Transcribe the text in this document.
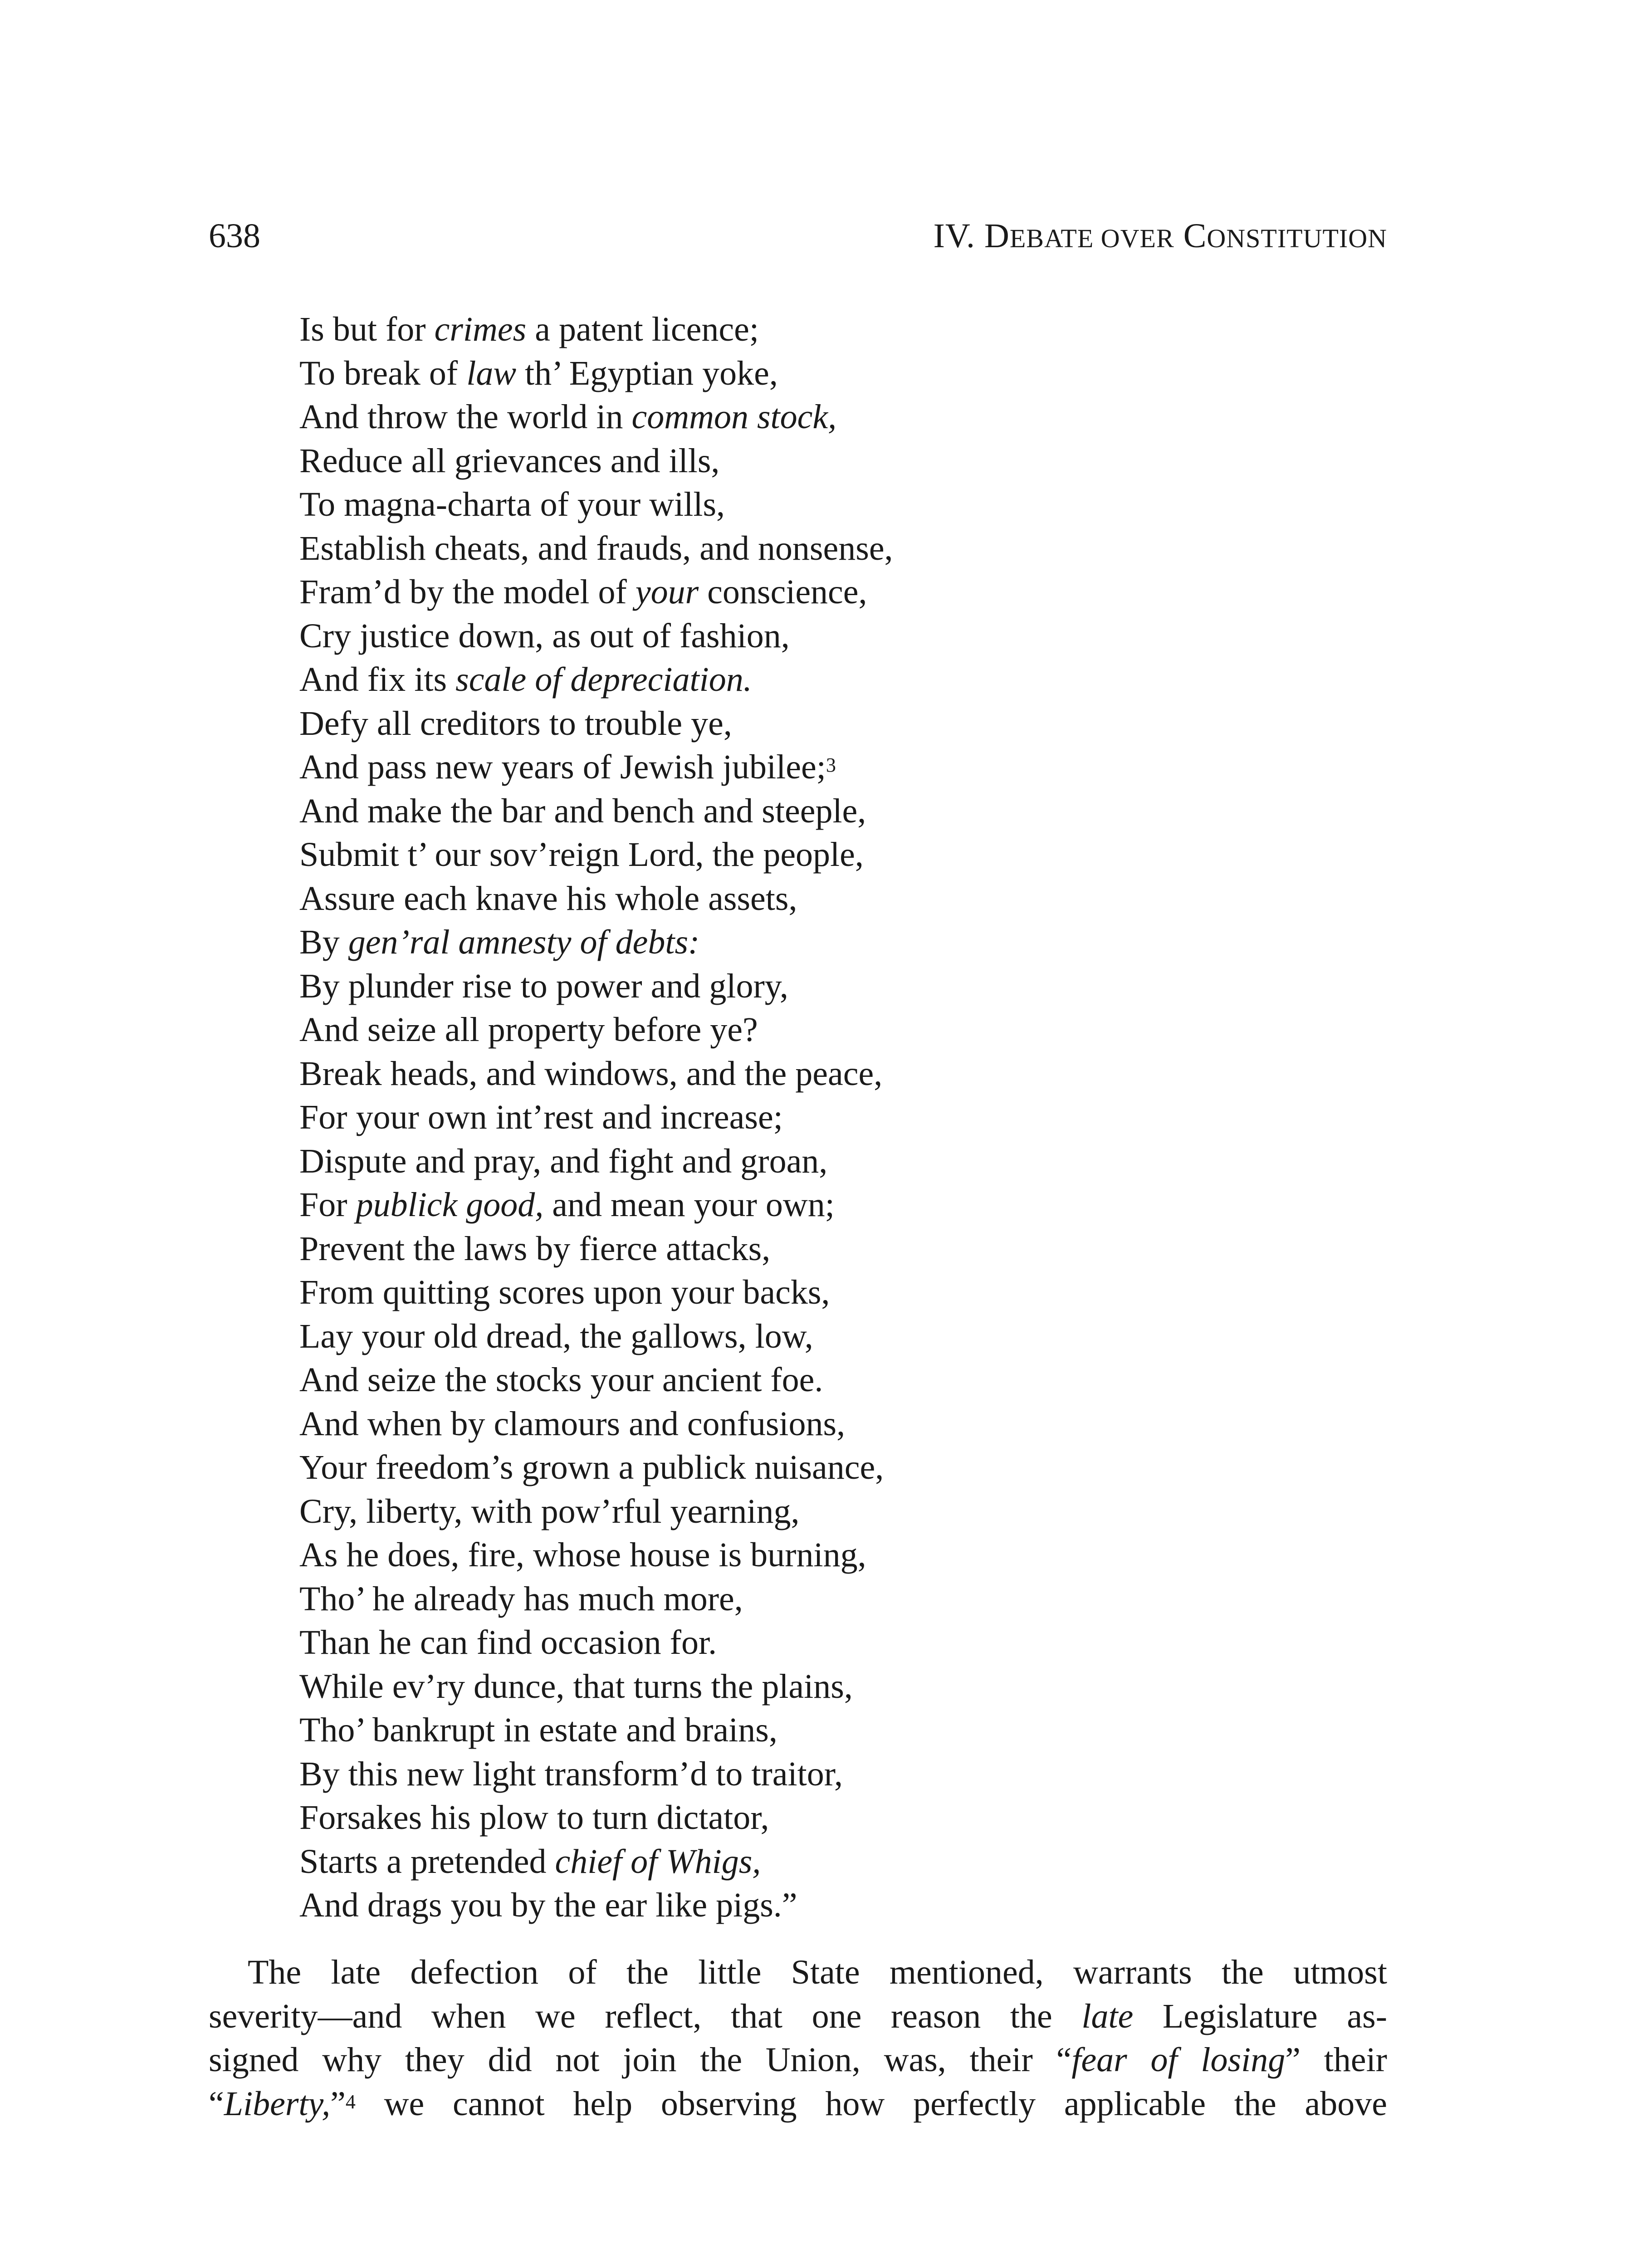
638	IV. DEBATE OVER CONSTITUTION
Is but for crimes a patent licence;
To break of law th’ Egyptian yoke,
And throw the world in common stock,
Reduce all grievances and ills,
To magna-charta of your wills,
Establish cheats, and frauds, and nonsense,
Fram’d by the model of your conscience,
Cry justice down, as out of fashion,
And fix its scale of depreciation.
Defy all creditors to trouble ye,
And pass new years of Jewish jubilee;$^3$
And make the bar and bench and steeple,
Submit t’ our sov’reign Lord, the people,
Assure each knave his whole assets,
By gen’ral amnesty of debts:
By plunder rise to power and glory,
And seize all property before ye?
Break heads, and windows, and the peace,
For your own int’rest and increase;
Dispute and pray, and fight and groan,
For publick good, and mean your own;
Prevent the laws by fierce attacks,
From quitting scores upon your backs,
Lay your old dread, the gallows, low,
And seize the stocks your ancient foe.
And when by clamours and confusions,
Your freedom’s grown a publick nuisance,
Cry, liberty, with pow’rful yearning,
As he does, fire, whose house is burning,
Tho’ he already has much more,
Than he can find occasion for.
While ev’ry dunce, that turns the plains,
Tho’ bankrupt in estate and brains,
By this new light transform’d to traitor,
Forsakes his plow to turn dictator,
Starts a pretended chief of Whigs,
And drags you by the ear like pigs.”
The late defection of the little State mentioned, warrants the utmost
severity—and when we reflect, that one reason the late Legislature as-
signed why they did not join the Union, was, their “fear of losing” their
“Liberty,”$^4$ we cannot help observing how perfectly applicable the above
